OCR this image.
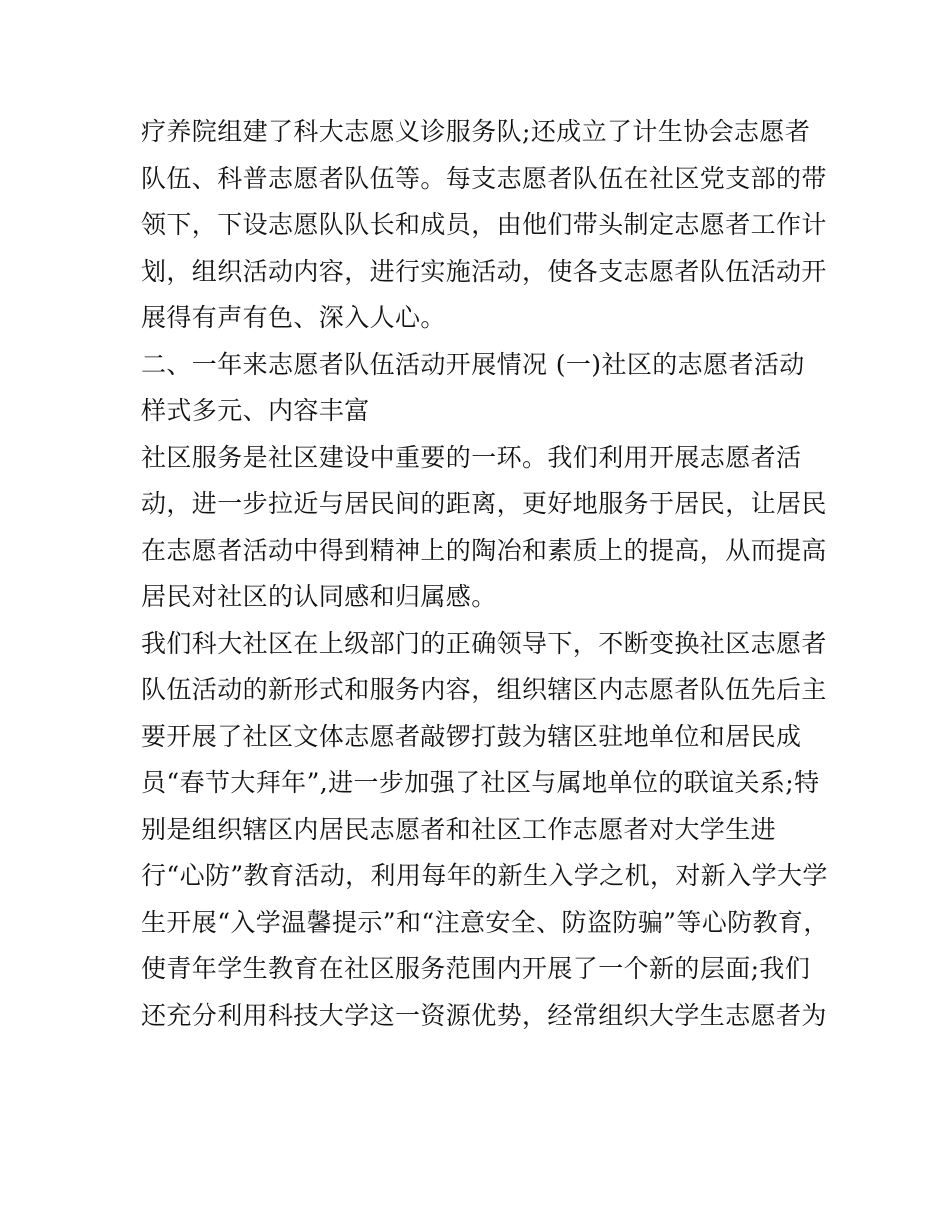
疗养院组建了科大志愿义诊服务队;还成立了计生协会志愿者
队伍、科普志愿者队伍等。每支志愿者队伍在社区党支部的带
领下，下设志愿队队长和成员，由他们带头制定志愿者工作计
划，组织活动内容，进行实施活动，使各支志愿者队伍活动开
展得有声有色、深入人心。
二、一年来志愿者队伍活动开展情况 (一)社区的志愿者活动
样式多元、内容丰富
社区服务是社区建设中重要的一环。我们利用开展志愿者活
动，进一步拉近与居民间的距离，更好地服务于居民，让居民
在志愿者活动中得到精神上的陶冶和素质上的提高，从而提高
居民对社区的认同感和归属感。
我们科大社区在上级部门的正确领导下，不断变换社区志愿者
队伍活动的新形式和服务内容，组织辖区内志愿者队伍先后主
要开展了社区文体志愿者敲锣打鼓为辖区驻地单位和居民成
员“春节大拜年”,进一步加强了社区与属地单位的联谊关系;特
别是组织辖区内居民志愿者和社区工作志愿者对大学生进
行“心防”教育活动，利用每年的新生入学之机，对新入学大学
生开展“入学温馨提示”和“注意安全、防盗防骗”等心防教育，
使青年学生教育在社区服务范围内开展了一个新的层面;我们
还充分利用科技大学这一资源优势，经常组织大学生志愿者为
